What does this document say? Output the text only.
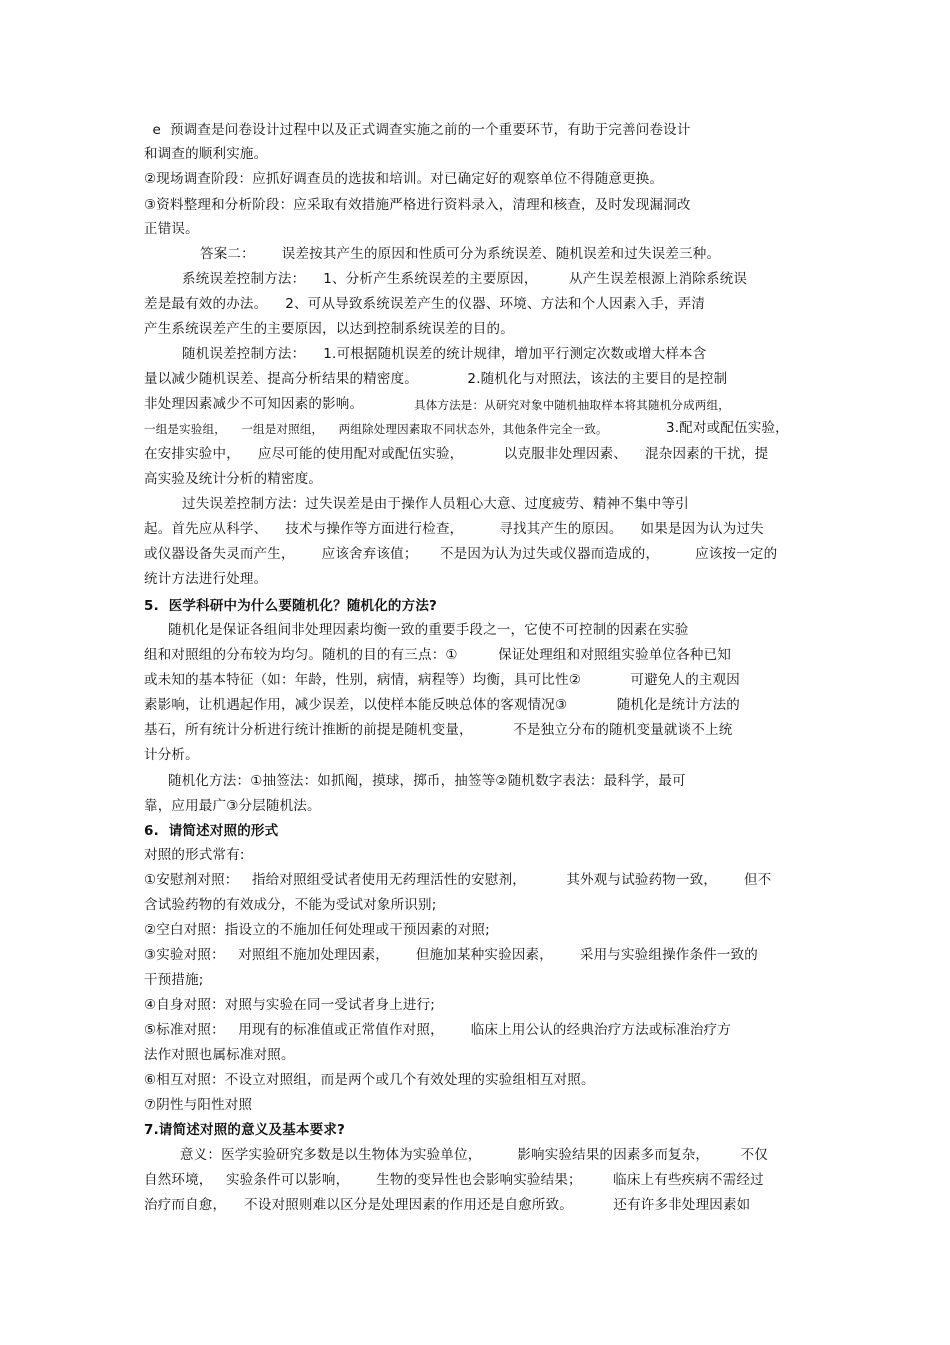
e  预调查是问卷设计过程中以及正式调查实施之前的一个重要环节，有助于完善问卷设计
和调查的顺利实施。
②现场调查阶段：应抓好调查员的选拔和培训。对已确定好的观察单位不得随意更换。
③资料整理和分析阶段：应采取有效措施严格进行资料录入，清理和核查，及时发现漏洞改
正错误。
答案二：      误差按其产生的原因和性质可分为系统误差、随机误差和过失误差三种。
系统误差控制方法：    1、分析产生系统误差的主要原因，       从产生误差根源上消除系统误
差是最有效的办法。    2、可从导致系统误差产生的仪器、环境、方法和个人因素入手，弄清
产生系统误差产生的主要原因，以达到控制系统误差的目的。
随机误差控制方法：    1.可根据随机误差的统计规律，增加平行测定次数或增大样本含
量以减少随机误差、提高分析结果的精密度。           2.随机化与对照法，该法的主要目的是控制
非处理因素减少不可知因素的影响。	具体方法是：从研究对象中随机抽取样本将其随机分成两组，
一组是实验组，    一组是对照组，    两组除处理因素取不同状态外，其他条件完全一致。	3.配对或配伍实验，
在安排实验中，    应尽可能的使用配对或配伍实验，         以克服非处理因素、    混杂因素的干扰，提
高实验及统计分析的精密度。
过失误差控制方法：过失误差是由于操作人员粗心大意、过度疲劳、精神不集中等引
起。首先应从科学、    技术与操作等方面进行检查，        寻找其产生的原因。    如果是因为认为过失
或仪器设备失灵而产生，      应该舍弃该值；     不是因为认为过失或仪器而造成的，        应该按一定的
统计方法进行处理。
5.  医学科研中为什么要随机化？随机化的方法?
随机化是保证各组间非处理因素均衡一致的重要手段之一，它使不可控制的因素在实验
组和对照组的分布较为均匀。随机的目的有三点：①         保证处理组和对照组实验单位各种已知
或未知的基本特征（如：年龄，性别，病情，病程等）均衡，具可比性②           可避免人的主观因
素影响，让机遇起作用，减少误差，以使样本能反映总体的客观情况③           随机化是统计方法的
基石，所有统计分析进行统计推断的前提是随机变量，         不是独立分布的随机变量就谈不上统
计分析。
随机化方法：①抽签法：如抓阄，摸球，掷币，抽签等②随机数字表法：最科学，最可
靠，应用最广③分层随机法。
6.  请简述对照的形式
对照的形式常有:
①安慰剂对照：   指给对照组受试者使用无药理活性的安慰剂，         其外观与试验药物一致，      但不
含试验药物的有效成分，不能为受试对象所识别;
②空白对照：指设立的不施加任何处理或干预因素的对照;
③实验对照：   对照组不施加处理因素，      但施加某种实验因素，      采用与实验组操作条件一致的
干预措施;
④自身对照：对照与实验在同一受试者身上进行;
⑤标准对照：   用现有的标准值或正常值作对照，      临床上用公认的经典治疗方法或标准治疗方
法作对照也属标准对照。
⑥相互对照：不设立对照组，而是两个或几个有效处理的实验组相互对照。
⑦阴性与阳性对照
7.请简述对照的意义及基本要求?
意义：医学实验研究多数是以生物体为实验单位，        影响实验结果的因素多而复杂，       不仅
自然环境，   实验条件可以影响，      生物的变异性也会影响实验结果；       临床上有些疾病不需经过
治疗而自愈，    不设对照则难以区分是处理因素的作用还是自愈所致。         还有许多非处理因素如
